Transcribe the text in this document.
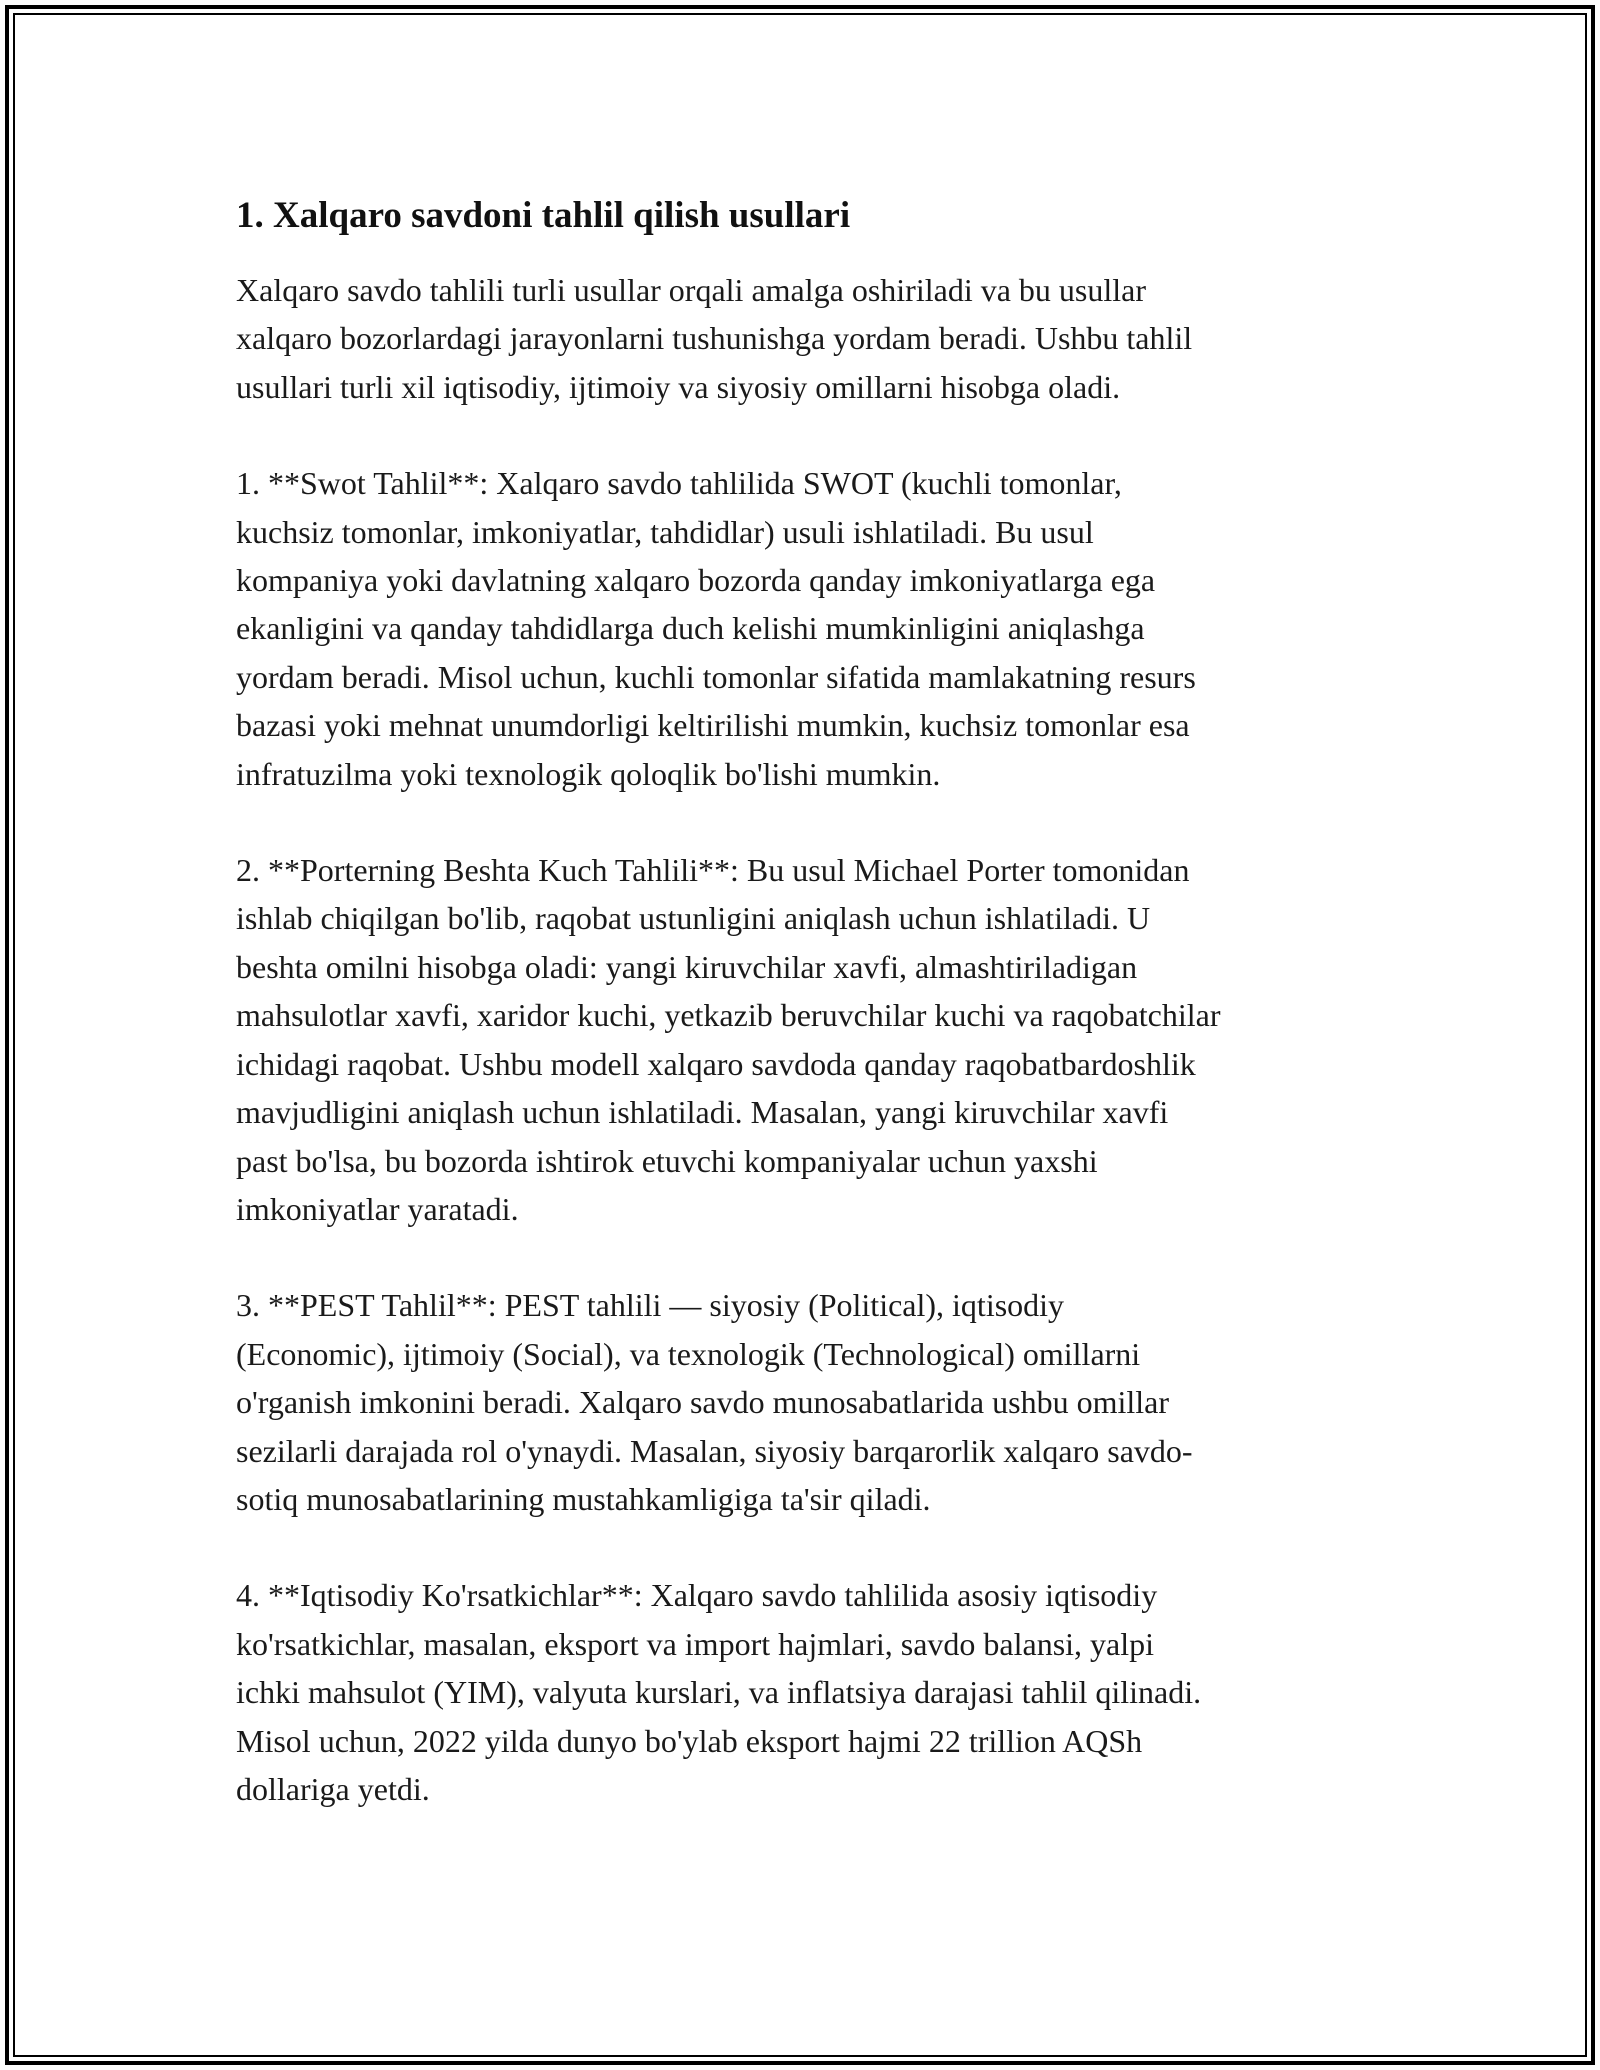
1. Xalqaro savdoni tahlil qilish usullari

Xalqaro savdo tahlili turli usullar orqali amalga oshiriladi va bu usullar
xalqaro bozorlardagi jarayonlarni tushunishga yordam beradi. Ushbu tahlil
usullari turli xil iqtisodiy, ijtimoiy va siyosiy omillarni hisobga oladi.

1. **Swot Tahlil**: Xalqaro savdo tahlilida SWOT (kuchli tomonlar,
kuchsiz tomonlar, imkoniyatlar, tahdidlar) usuli ishlatiladi. Bu usul
kompaniya yoki davlatning xalqaro bozorda qanday imkoniyatlarga ega
ekanligini va qanday tahdidlarga duch kelishi mumkinligini aniqlashga
yordam beradi. Misol uchun, kuchli tomonlar sifatida mamlakatning resurs
bazasi yoki mehnat unumdorligi keltirilishi mumkin, kuchsiz tomonlar esa
infratuzilma yoki texnologik qoloqlik bo'lishi mumkin.

2. **Porterning Beshta Kuch Tahlili**: Bu usul Michael Porter tomonidan
ishlab chiqilgan bo'lib, raqobat ustunligini aniqlash uchun ishlatiladi. U
beshta omilni hisobga oladi: yangi kiruvchilar xavfi, almashtiriladigan
mahsulotlar xavfi, xaridor kuchi, yetkazib beruvchilar kuchi va raqobatchilar
ichidagi raqobat. Ushbu modell xalqaro savdoda qanday raqobatbardoshlik
mavjudligini aniqlash uchun ishlatiladi. Masalan, yangi kiruvchilar xavfi
past bo'lsa, bu bozorda ishtirok etuvchi kompaniyalar uchun yaxshi
imkoniyatlar yaratadi.

3. **PEST Tahlil**: PEST tahlili — siyosiy (Political), iqtisodiy
(Economic), ijtimoiy (Social), va texnologik (Technological) omillarni
o'rganish imkonini beradi. Xalqaro savdo munosabatlarida ushbu omillar
sezilarli darajada rol o'ynaydi. Masalan, siyosiy barqarorlik xalqaro savdo-
sotiq munosabatlarining mustahkamligiga ta'sir qiladi.

4. **Iqtisodiy Ko'rsatkichlar**: Xalqaro savdo tahlilida asosiy iqtisodiy
ko'rsatkichlar, masalan, eksport va import hajmlari, savdo balansi, yalpi
ichki mahsulot (YIM), valyuta kurslari, va inflatsiya darajasi tahlil qilinadi.
Misol uchun, 2022 yilda dunyo bo'ylab eksport hajmi 22 trillion AQSh
dollariga yetdi.
